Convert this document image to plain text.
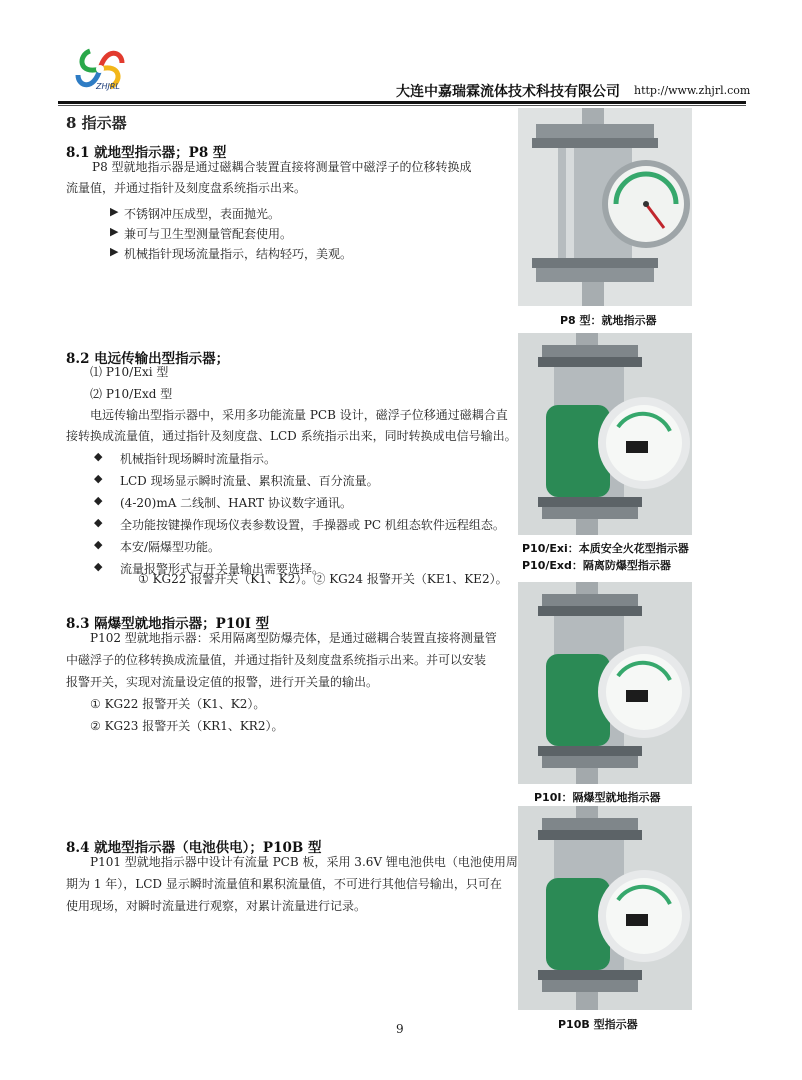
ZHJRL	大连中嘉瑞霖流体技术科技有限公司 http://www.zhjrl.com
8 指示器
8.1 就地型指示器；P8 型
P8 型就地指示器是通过磁耦合装置直接将测量管中磁浮子的位移转换成
流量值，并通过指针及刻度盘系统指示出来。
▶ 不锈钢冲压成型，表面抛光。
▶ 兼可与卫生型测量管配套使用。
▶ 机械指针现场流量指示，结构轻巧，美观。
8.2 电远传输出型指示器；
⑴ P10/Exi 型
⑵ P10/Exd 型
电远传输出型指示器中，采用多功能流量 PCB 设计，磁浮子位移通过磁耦合直
接转换成流量值，通过指针及刻度盘、LCD 系统指示出来，同时转换成电信号输出。
◆ 机械指针现场瞬时流量指示。
◆ LCD 现场显示瞬时流量、累积流量、百分流量。
◆ (4-20)mA 二线制、HART 协议数字通讯。
◆ 全功能按键操作现场仪表参数设置，手操器或 PC 机组态软件远程组态。
◆ 本安/隔爆型功能。
◆ 流量报警形式与开关量输出需要选择。
① KG22 报警开关（K1、K2）。② KG24 报警开关（KE1、KE2）。
8.3 隔爆型就地指示器；P10I 型
P102 型就地指示器：采用隔离型防爆壳体，是通过磁耦合装置直接将测量管
中磁浮子的位移转换成流量值，并通过指针及刻度盘系统指示出来。并可以安装
报警开关，实现对流量设定值的报警，进行开关量的输出。
① KG22 报警开关（K1、K2）。
② KG23 报警开关（KR1、KR2）。
8.4 就地型指示器（电池供电）；P10B 型
P101 型就地指示器中设计有流量 PCB 板，采用 3.6V 锂电池供电（电池使用周
期为 1 年），LCD 显示瞬时流量值和累积流量值，不可进行其他信号输出，只可在
使用现场，对瞬时流量进行观察，对累计流量进行记录。
P8 型：就地指示器
P10/Exi：本质安全火花型指示器
P10/Exd：隔离防爆型指示器
P10I：隔爆型就地指示器
P10B 型指示器
9
